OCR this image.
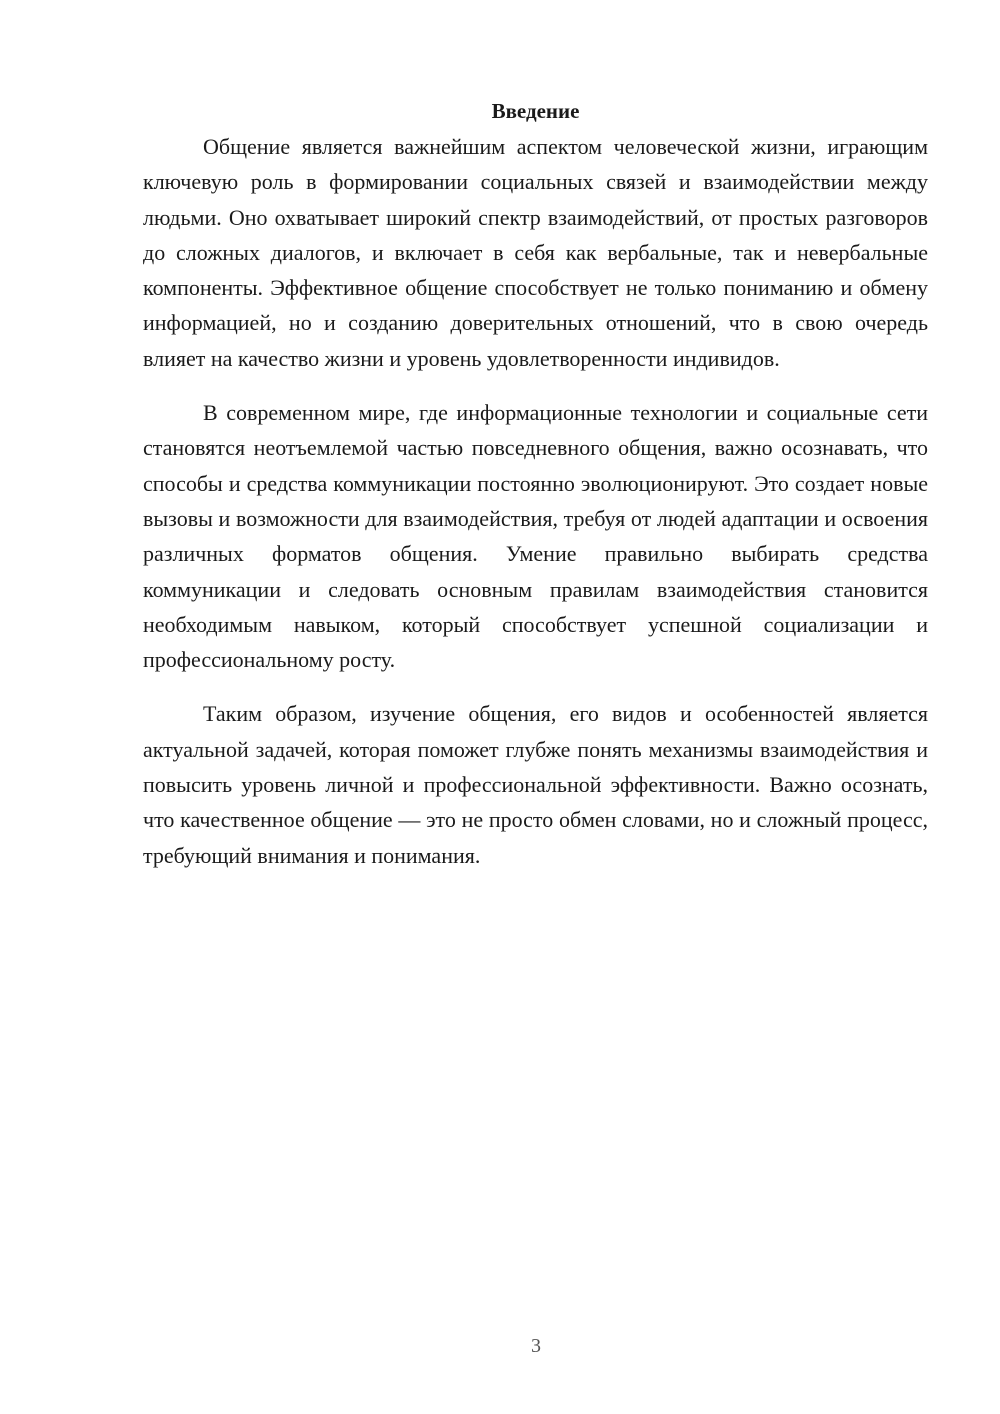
Введение

Общение является важнейшим аспектом человеческой жизни, играющим ключевую роль в формировании социальных связей и взаимодействии между людьми. Оно охватывает широкий спектр взаимодействий, от простых разговоров до сложных диалогов, и включает в себя как вербальные, так и невербальные компоненты. Эффективное общение способствует не только пониманию и обмену информацией, но и созданию доверительных отношений, что в свою очередь влияет на качество жизни и уровень удовлетворенности индивидов.

В современном мире, где информационные технологии и социальные сети становятся неотъемлемой частью повседневного общения, важно осознавать, что способы и средства коммуникации постоянно эволюционируют. Это создает новые вызовы и возможности для взаимодействия, требуя от людей адаптации и освоения различных форматов общения. Умение правильно выбирать средства коммуникации и следовать основным правилам взаимодействия становится необходимым навыком, который способствует успешной социализации и профессиональному росту.

Таким образом, изучение общения, его видов и особенностей является актуальной задачей, которая поможет глубже понять механизмы взаимодействия и повысить уровень личной и профессиональной эффективности. Важно осознать, что качественное общение — это не просто обмен словами, но и сложный процесс, требующий внимания и понимания.

3
